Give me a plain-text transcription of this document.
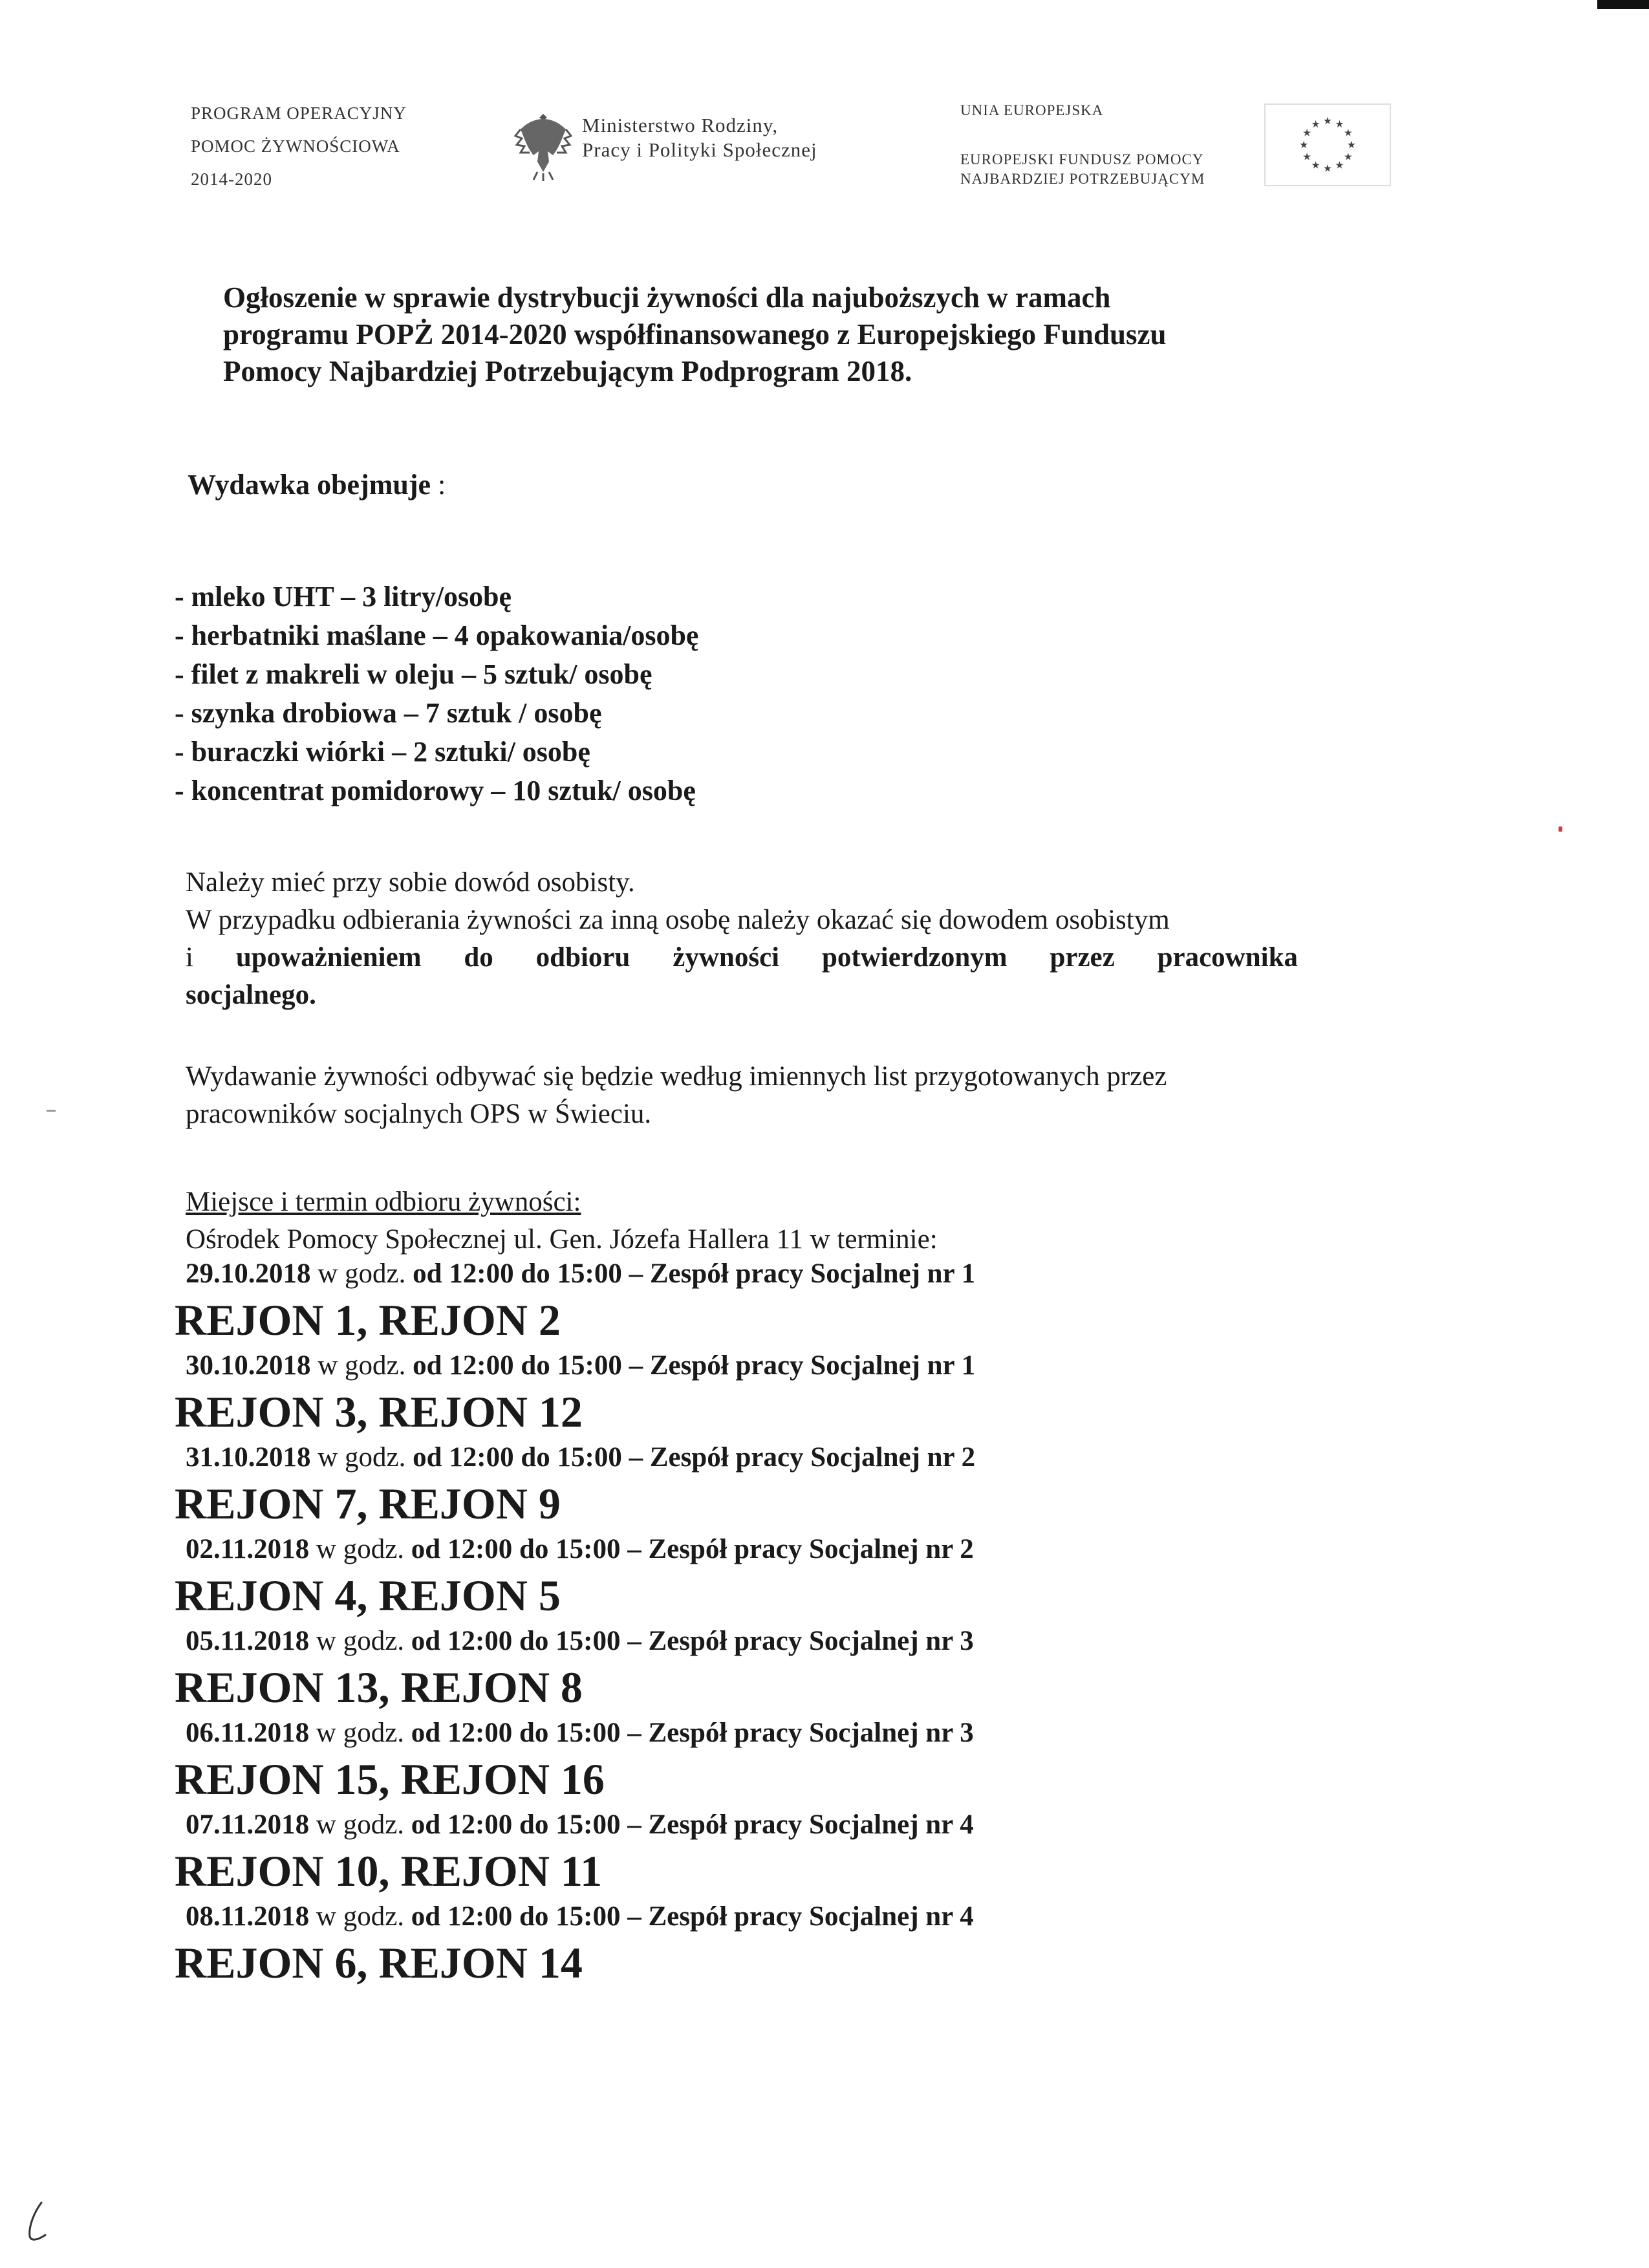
PROGRAM OPERACYJNY
POMOC ŻYWNOŚCIOWA
2014-2020
Ministerstwo Rodziny,
Pracy i Polityki Społecznej
UNIA EUROPEJSKA
EUROPEJSKI FUNDUSZ POMOCY
NAJBARDZIEJ POTRZEBUJĄCYM
★ ★
★
★
★
★
★
★
★
★
★
★
Ogłoszenie w sprawie dystrybucji żywności dla najuboższych w ramach
programu POPŻ 2014-2020 współfinansowanego z Europejskiego Funduszu
Pomocy Najbardziej Potrzebującym Podprogram 2018.
Wydawka obejmuje :
- mleko UHT – 3 litry/osobę
- herbatniki maślane – 4 opakowania/osobę
- filet z makreli w oleju – 5 sztuk/ osobę
- szynka drobiowa – 7 sztuk / osobę
- buraczki wiórki – 2 sztuki/ osobę
- koncentrat pomidorowy – 10 sztuk/ osobę
Należy mieć przy sobie dowód osobisty.
W przypadku odbierania żywności za inną osobę należy okazać się dowodem osobistym
i upoważnieniem do odbioru żywności potwierdzonym przez pracownika
socjalnego.
Wydawanie żywności odbywać się będzie według imiennych list przygotowanych przez
pracowników socjalnych OPS w Świeciu.
Miejsce i termin odbioru żywności:
Ośrodek Pomocy Społecznej ul. Gen. Józefa Hallera 11 w terminie:
29.10.2018 w godz. od 12:00 do 15:00 – Zespół pracy Socjalnej nr 1
REJON 1, REJON 2
30.10.2018 w godz. od 12:00 do 15:00 – Zespół pracy Socjalnej nr 1
REJON 3, REJON 12
31.10.2018 w godz. od 12:00 do 15:00 – Zespół pracy Socjalnej nr 2
REJON 7, REJON 9
02.11.2018 w godz. od 12:00 do 15:00 – Zespół pracy Socjalnej nr 2
REJON 4, REJON 5
05.11.2018 w godz. od 12:00 do 15:00 – Zespół pracy Socjalnej nr 3
REJON 13, REJON 8
06.11.2018 w godz. od 12:00 do 15:00 – Zespół pracy Socjalnej nr 3
REJON 15, REJON 16
07.11.2018 w godz. od 12:00 do 15:00 – Zespół pracy Socjalnej nr 4
REJON 10, REJON 11
08.11.2018 w godz. od 12:00 do 15:00 – Zespół pracy Socjalnej nr 4
REJON 6, REJON 14
